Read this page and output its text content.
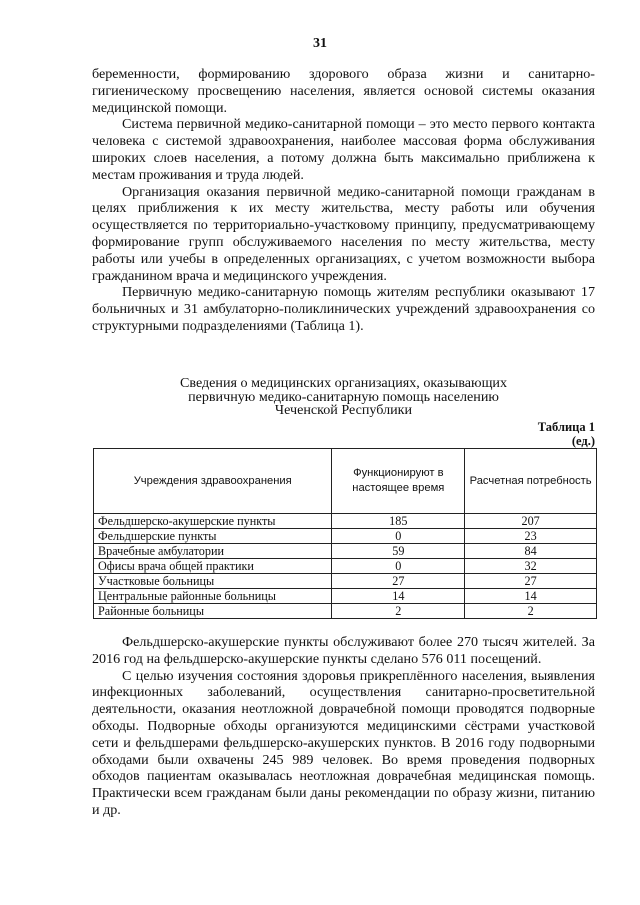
31

беременности, формированию здорового образа жизни и санитарно-гигиеническому просвещению населения, является основой системы оказания медицинской помощи.

Система первичной медико-санитарной помощи – это место первого контакта человека с системой здравоохранения, наиболее массовая форма обслуживания широких слоев населения, а потому должна быть максимально приближена к местам проживания и труда людей.

Организация оказания первичной медико-санитарной помощи гражданам в целях приближения к их месту жительства, месту работы или обучения осуществляется по территориально-участковому принципу, предусматривающему формирование групп обслуживаемого населения по месту жительства, месту работы или учебы в определенных организациях, с учетом возможности выбора гражданином врача и медицинского учреждения.

Первичную медико-санитарную помощь жителям республики оказывают 17 больничных и 31 амбулаторно-поликлинических учреждений здравоохранения со структурными подразделениями (Таблица 1).

Сведения о медицинских организациях, оказывающих
первичную медико-санитарную помощь населению
Чеченской Республики
Таблица 1
(ед.)
Учреждения здравоохранения	Функционируют в настоящее время	Расчетная потребность
Фельдшерско-акушерские пункты	185	207
Фельдшерские пункты	0	23
Врачебные амбулатории	59	84
Офисы врача общей практики	0	32
Участковые больницы	27	27
Центральные районные больницы	14	14
Районные больницы	2	2

Фельдшерско-акушерские пункты обслуживают более 270 тысяч жителей. За 2016 год на фельдшерско-акушерские пункты сделано 576 011 посещений.

С целью изучения состояния здоровья прикреплённого населения, выявления инфекционных заболеваний, осуществления санитарно-просветительной деятельности, оказания неотложной доврачебной помощи проводятся подворные обходы. Подворные обходы организуются медицинскими сёстрами участковой сети и фельдшерами фельдшерско-акушерских пунктов. В 2016 году подворными обходами были охвачены 245 989 человек. Во время проведения подворных обходов пациентам оказывалась неотложная доврачебная медицинская помощь. Практически всем гражданам были даны рекомендации по образу жизни, питанию и др.
